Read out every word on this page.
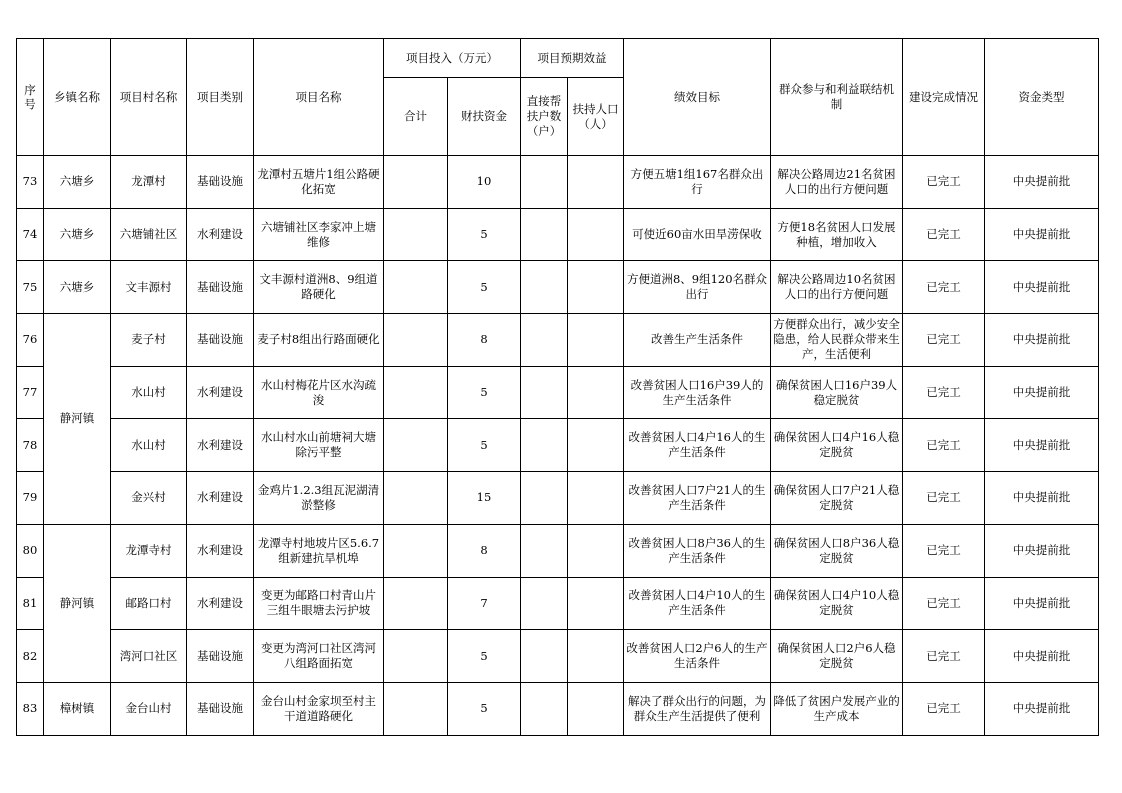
序号	乡镇名称	项目村名称	项目类别	项目名称	项目投入（万元）		项目预期效益		绩效目标	群众参与和利益联结机制	建设完成情况	资金类型
					合计	财扶资金	直接帮扶户数（户）	扶持人口（人）				
73	六塘乡	龙潭村	基础设施	龙潭村五塘片1组公路硬化拓宽		10			方便五塘1组167名群众出行	解决公路周边21名贫困人口的出行方便问题	已完工	中央提前批
74	六塘乡	六塘铺社区	水利建设	六塘铺社区李家冲上塘维修		5			可使近60亩水田旱涝保收	方便18名贫困人口发展种植，增加收入	已完工	中央提前批
75	六塘乡	文丰源村	基础设施	文丰源村道洲8、9组道路硬化		5			方便道洲8、9组120名群众出行	解决公路周边10名贫困人口的出行方便问题	已完工	中央提前批
76	静河镇	麦子村	基础设施	麦子村8组出行路面硬化		8			改善生产生活条件	方便群众出行，减少安全隐患，给人民群众带来生产，生活便利	已完工	中央提前批
77		水山村	水利建设	水山村梅花片区水沟疏浚		5			改善贫困人口16户39人的生产生活条件	确保贫困人口16户39人稳定脱贫	已完工	中央提前批
78		水山村	水利建设	水山村水山前塘祠大塘除污平整		5			改善贫困人口4户16人的生产生活条件	确保贫困人口4户16人稳定脱贫	已完工	中央提前批
79		金兴村	水利建设	金鸡片1.2.3组瓦泥湖清淤整修		15			改善贫困人口7户21人的生产生活条件	确保贫困人口7户21人稳定脱贫	已完工	中央提前批
80	静河镇	龙潭寺村	水利建设	龙潭寺村地坡片区5.6.7组新建抗旱机埠		8			改善贫困人口8户36人的生产生活条件	确保贫困人口8户36人稳定脱贫	已完工	中央提前批
81		邮路口村	水利建设	变更为邮路口村青山片三组牛眼塘去污护坡		7			改善贫困人口4户10人的生产生活条件	确保贫困人口4户10人稳定脱贫	已完工	中央提前批
82		湾河口社区	基础设施	变更为湾河口社区湾河八组路面拓宽		5			改善贫困人口2户6人的生产生活条件	确保贫困人口2户6人稳定脱贫	已完工	中央提前批
83	樟树镇	金台山村	基础设施	金台山村金家坝至村主干道道路硬化		5			解决了群众出行的问题，为群众生产生活提供了便利	降低了贫困户发展产业的生产成本	已完工	中央提前批
